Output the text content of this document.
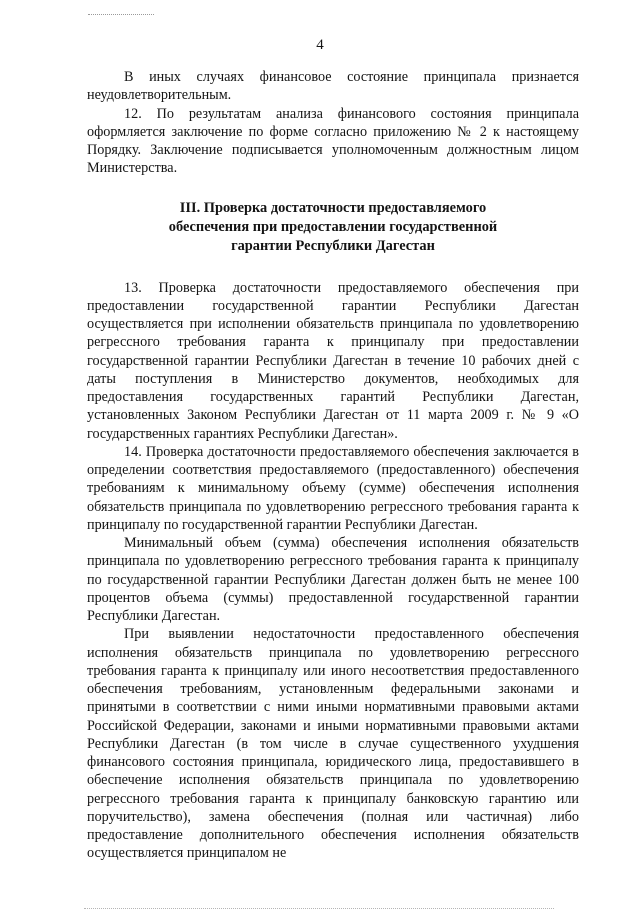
4

В иных случаях финансовое состояние принципала признается неудовлетворительным.

12. По результатам анализа финансового состояния принципала оформляется заключение по форме согласно приложению № 2 к настоящему Порядку. Заключение подписывается уполномоченным должностным лицом Министерства.

III. Проверка достаточности предоставляемого
обеспечения при предоставлении государственной
гарантии Республики Дагестан

13. Проверка достаточности предоставляемого обеспечения при предоставлении государственной гарантии Республики Дагестан осуществляется при исполнении обязательств принципала по удовлетворению регрессного требования гаранта к принципалу при предоставлении государственной гарантии Республики Дагестан в течение 10 рабочих дней с даты поступления в Министерство документов, необходимых для предоставления государственных гарантий Республики Дагестан, установленных Законом Республики Дагестан от 11 марта 2009 г. № 9 «О государственных гарантиях Республики Дагестан».

14. Проверка достаточности предоставляемого обеспечения заключается в определении соответствия предоставляемого (предоставленного) обеспечения требованиям к минимальному объему (сумме) обеспечения исполнения обязательств принципала по удовлетворению регрессного требования гаранта к принципалу по государственной гарантии Республики Дагестан.

Минимальный объем (сумма) обеспечения исполнения обязательств принципала по удовлетворению регрессного требования гаранта к принципалу по государственной гарантии Республики Дагестан должен быть не менее 100 процентов объема (суммы) предоставленной государственной гарантии Республики Дагестан.

При выявлении недостаточности предоставленного обеспечения исполнения обязательств принципала по удовлетворению регрессного требования гаранта к принципалу или иного несоответствия предоставленного обеспечения требованиям, установленным федеральными законами и принятыми в соответствии с ними иными нормативными правовыми актами Российской Федерации, законами и иными нормативными правовыми актами Республики Дагестан (в том числе в случае существенного ухудшения финансового состояния принципала, юридического лица, предоставившего в обеспечение исполнения обязательств принципала по удовлетворению регрессного требования гаранта к принципалу банковскую гарантию или поручительство), замена обеспечения (полная или частичная) либо предоставление дополнительного обеспечения исполнения обязательств осуществляется принципалом не
